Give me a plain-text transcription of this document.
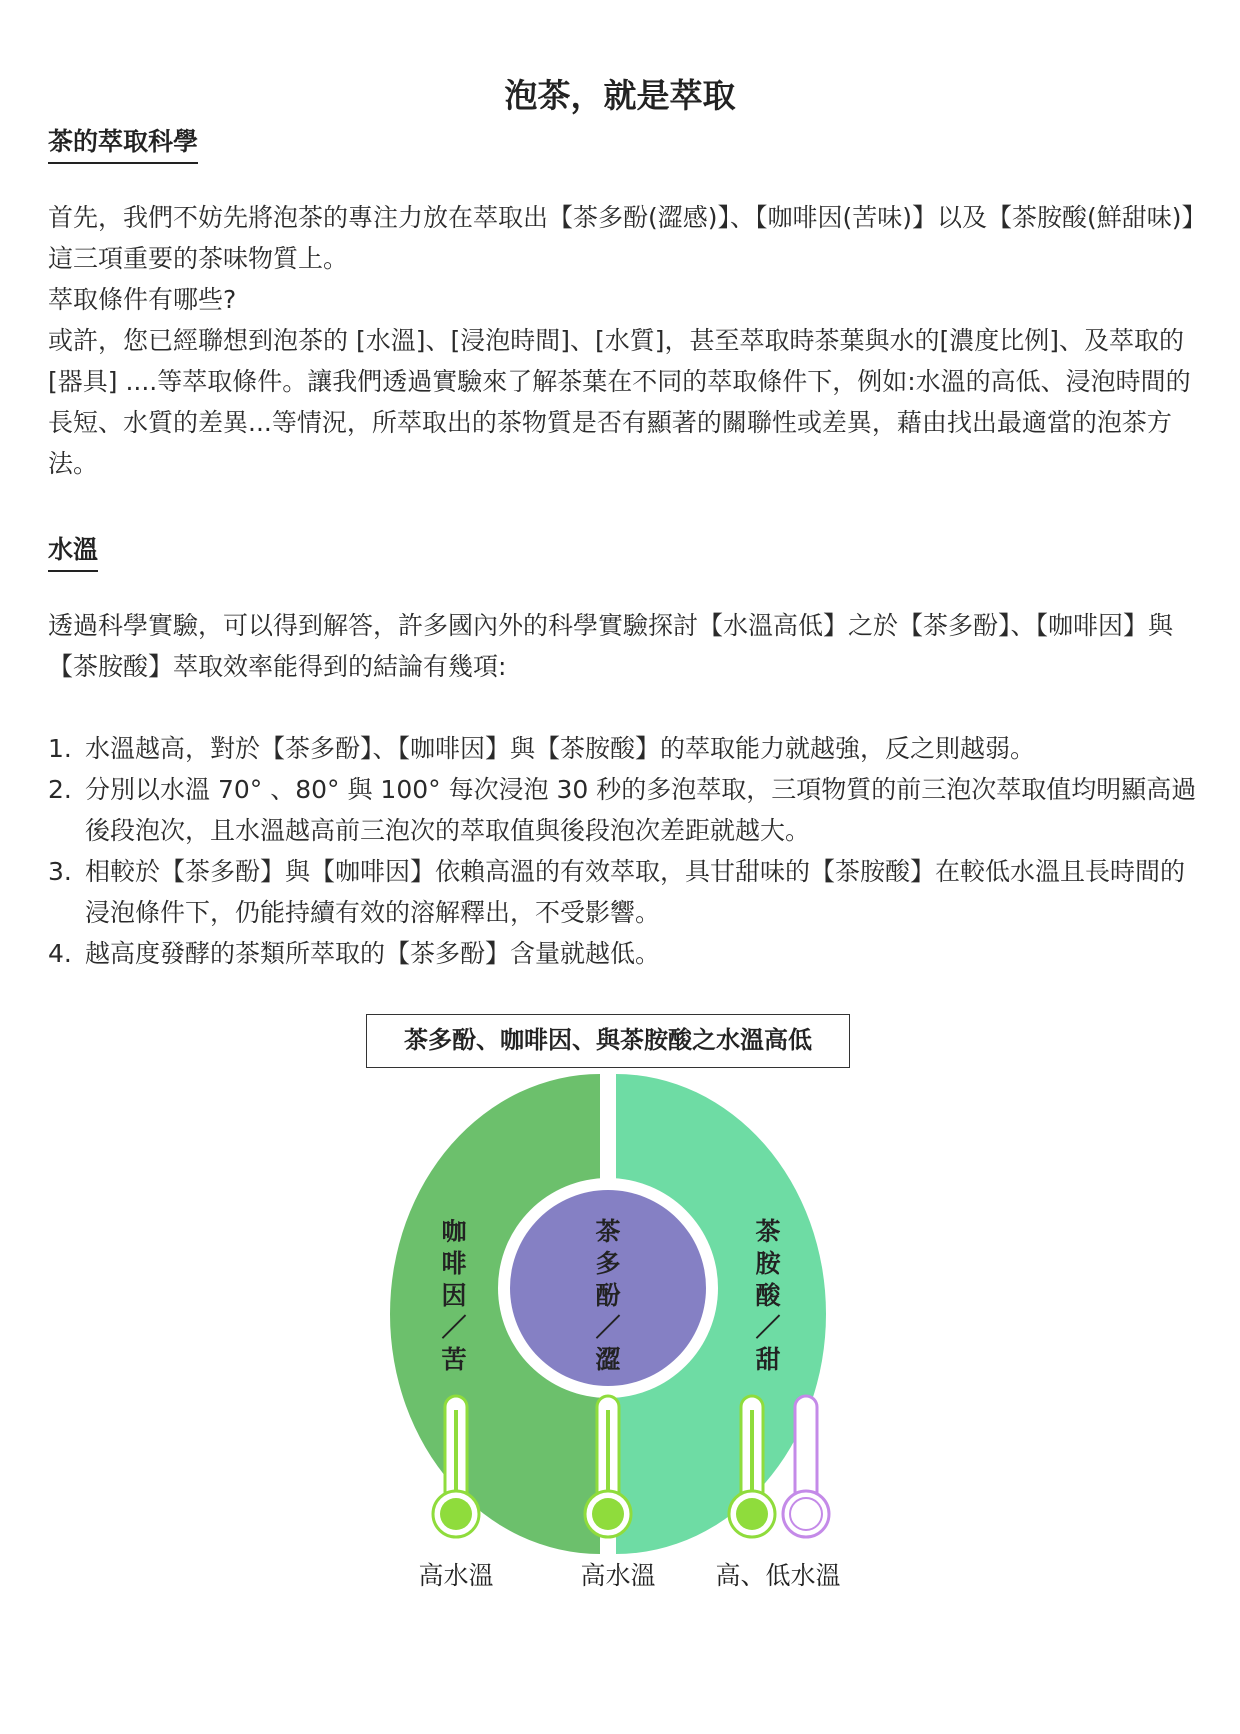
泡茶，就是萃取
茶的萃取科學

首先，我們不妨先將泡茶的專注力放在萃取出【茶多酚(澀感)】、【咖啡因(苦味)】以及【茶胺酸(鮮甜味)】這三項重要的茶味物質上。

萃取條件有哪些?

或許，您已經聯想到泡茶的 [水溫]、[浸泡時間]、[水質]，甚至萃取時茶葉與水的[濃度比例]、及萃取的 [器具] ....等萃取條件。讓我們透過實驗來了解茶葉在不同的萃取條件下，例如:水溫的高低、浸泡時間的長短、水質的差異...等情況，所萃取出的茶物質是否有顯著的關聯性或差異，藉由找出最適當的泡茶方法。

水溫

透過科學實驗，可以得到解答，許多國內外的科學實驗探討【水溫高低】之於【茶多酚】、【咖啡因】與【茶胺酸】萃取效率能得到的結論有幾項:

1. 水溫越高，對於【茶多酚】、【咖啡因】與【茶胺酸】的萃取能力就越強，反之則越弱。
2. 分別以水溫 70° 、80° 與 100° 每次浸泡 30 秒的多泡萃取，三項物質的前三泡次萃取值均明顯高過後段泡次，且水溫越高前三泡次的萃取值與後段泡次差距就越大。
3. 相較於【茶多酚】與【咖啡因】依賴高溫的有效萃取，具甘甜味的【茶胺酸】在較低水溫且長時間的浸泡條件下，仍能持續有效的溶解釋出，不受影響。
4. 越高度發酵的茶類所萃取的【茶多酚】含量就越低。
茶多酚、咖啡因、與茶胺酸之水溫高低
咖啡因／苦
茶多酚／澀
茶胺酸／甜
高水溫	高水溫 高、低水溫
